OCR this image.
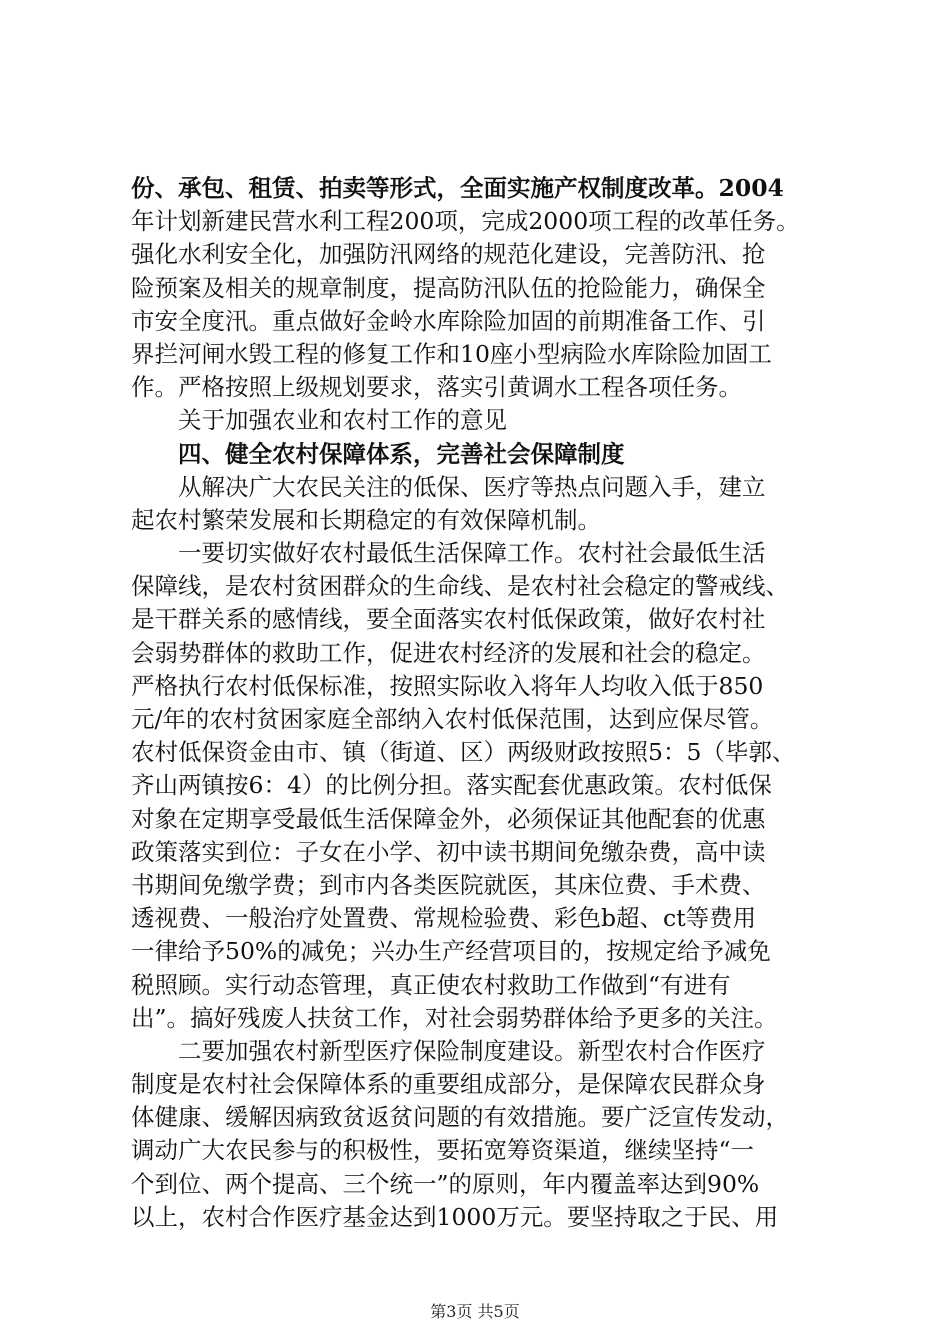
份、承包、租赁、拍卖等形式，全面实施产权制度改革。2004
年计划新建民营水利工程200项，完成2000项工程的改革任务。
强化水利安全化，加强防汛网络的规范化建设，完善防汛、抢
险预案及相关的规章制度，提高防汛队伍的抢险能力，确保全
市安全度汛。重点做好金岭水库除险加固的前期准备工作、引
界拦河闸水毁工程的修复工作和10座小型病险水库除险加固工
作。严格按照上级规划要求，落实引黄调水工程各项任务。
关于加强农业和农村工作的意见
四、健全农村保障体系，完善社会保障制度
从解决广大农民关注的低保、医疗等热点问题入手，建立
起农村繁荣发展和长期稳定的有效保障机制。
一要切实做好农村最低生活保障工作。农村社会最低生活
保障线，是农村贫困群众的生命线、是农村社会稳定的警戒线、
是干群关系的感情线，要全面落实农村低保政策，做好农村社
会弱势群体的救助工作，促进农村经济的发展和社会的稳定。
严格执行农村低保标准，按照实际收入将年人均收入低于850
元/年的农村贫困家庭全部纳入农村低保范围，达到应保尽管。
农村低保资金由市、镇（街道、区）两级财政按照5：5（毕郭、
齐山两镇按6：4）的比例分担。落实配套优惠政策。农村低保
对象在定期享受最低生活保障金外，必须保证其他配套的优惠
政策落实到位：子女在小学、初中读书期间免缴杂费，高中读
书期间免缴学费；到市内各类医院就医，其床位费、手术费、
透视费、一般治疗处置费、常规检验费、彩色b超、ct等费用
一律给予50%的减免；兴办生产经营项目的，按规定给予减免
税照顾。实行动态管理，真正使农村救助工作做到“有进有
出”。搞好残废人扶贫工作，对社会弱势群体给予更多的关注。
二要加强农村新型医疗保险制度建设。新型农村合作医疗
制度是农村社会保障体系的重要组成部分，是保障农民群众身
体健康、缓解因病致贫返贫问题的有效措施。要广泛宣传发动，
调动广大农民参与的积极性，要拓宽筹资渠道，继续坚持“一
个到位、两个提高、三个统一”的原则，年内覆盖率达到90%
以上，农村合作医疗基金达到1000万元。要坚持取之于民、用
第3页 共5页
